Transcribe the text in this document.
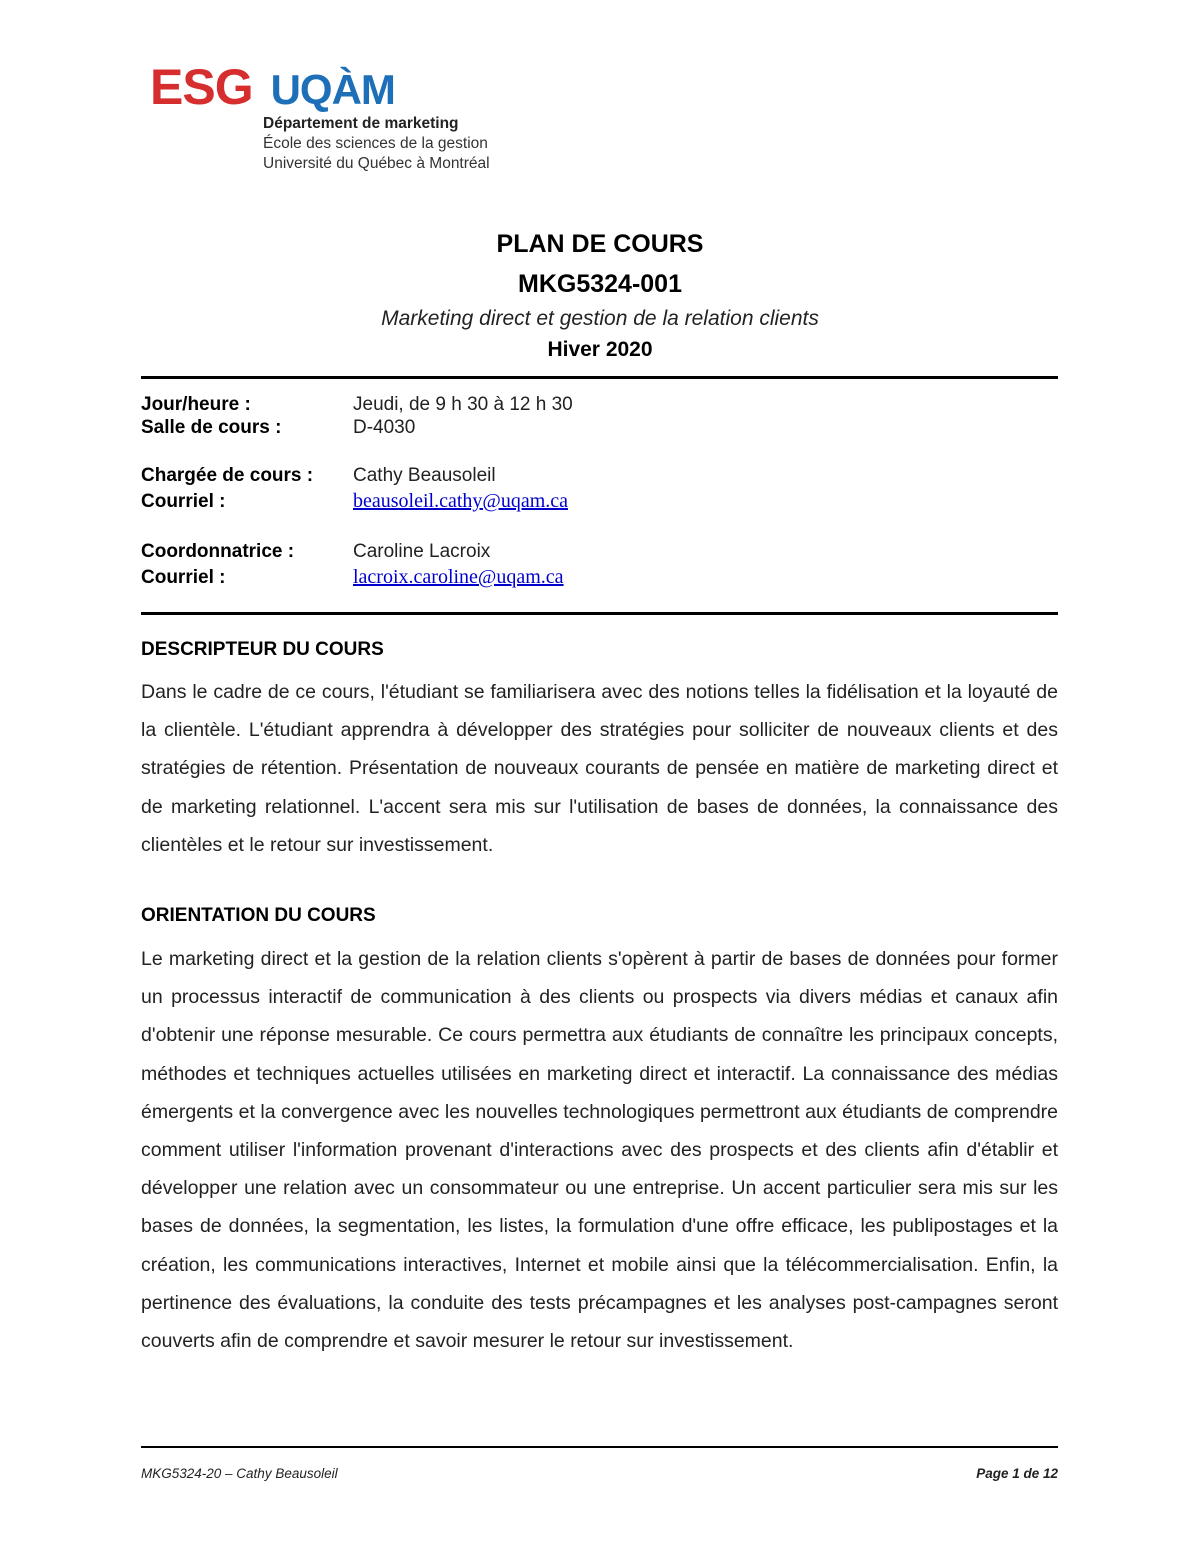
ESG UQÀM
Département de marketing
École des sciences de la gestion
Université du Québec à Montréal
PLAN DE COURS
MKG5324-001
Marketing direct et gestion de la relation clients
Hiver 2020
Jour/heure :	Jeudi, de 9 h 30 à 12 h 30
Salle de cours :	D-4030
Chargée de cours : Cathy Beausoleil
Courriel :	beausoleil.cathy@uqam.ca
Coordonnatrice :	Caroline Lacroix
Courriel :	lacroix.caroline@uqam.ca
DESCRIPTEUR DU COURS

Dans le cadre de ce cours, l'étudiant se familiarisera avec des notions telles la fidélisation et la loyauté de la clientèle. L'étudiant apprendra à développer des stratégies pour solliciter de nouveaux clients et des stratégies de rétention. Présentation de nouveaux courants de pensée en matière de marketing direct et de marketing relationnel. L'accent sera mis sur l'utilisation de bases de données, la connaissance des clientèles et le retour sur investissement.

ORIENTATION DU COURS

Le marketing direct et la gestion de la relation clients s'opèrent à partir de bases de données pour former un processus interactif de communication à des clients ou prospects via divers médias et canaux afin d'obtenir une réponse mesurable. Ce cours permettra aux étudiants de connaître les principaux concepts, méthodes et techniques actuelles utilisées en marketing direct et interactif. La connaissance des médias émergents et la convergence avec les nouvelles technologiques permettront aux étudiants de comprendre comment utiliser l'information provenant d'interactions avec des prospects et des clients afin d'établir et développer une relation avec un consommateur ou une entreprise. Un accent particulier sera mis sur les bases de données, la segmentation, les listes, la formulation d'une offre efficace, les publipostages et la création, les communications interactives, Internet et mobile ainsi que la télécommercialisation. Enfin, la pertinence des évaluations, la conduite des tests précampagnes et les analyses post-campagnes seront couverts afin de comprendre et savoir mesurer le retour sur investissement.

MKG5324-20 – Cathy Beausoleil	Page 1 de 12
